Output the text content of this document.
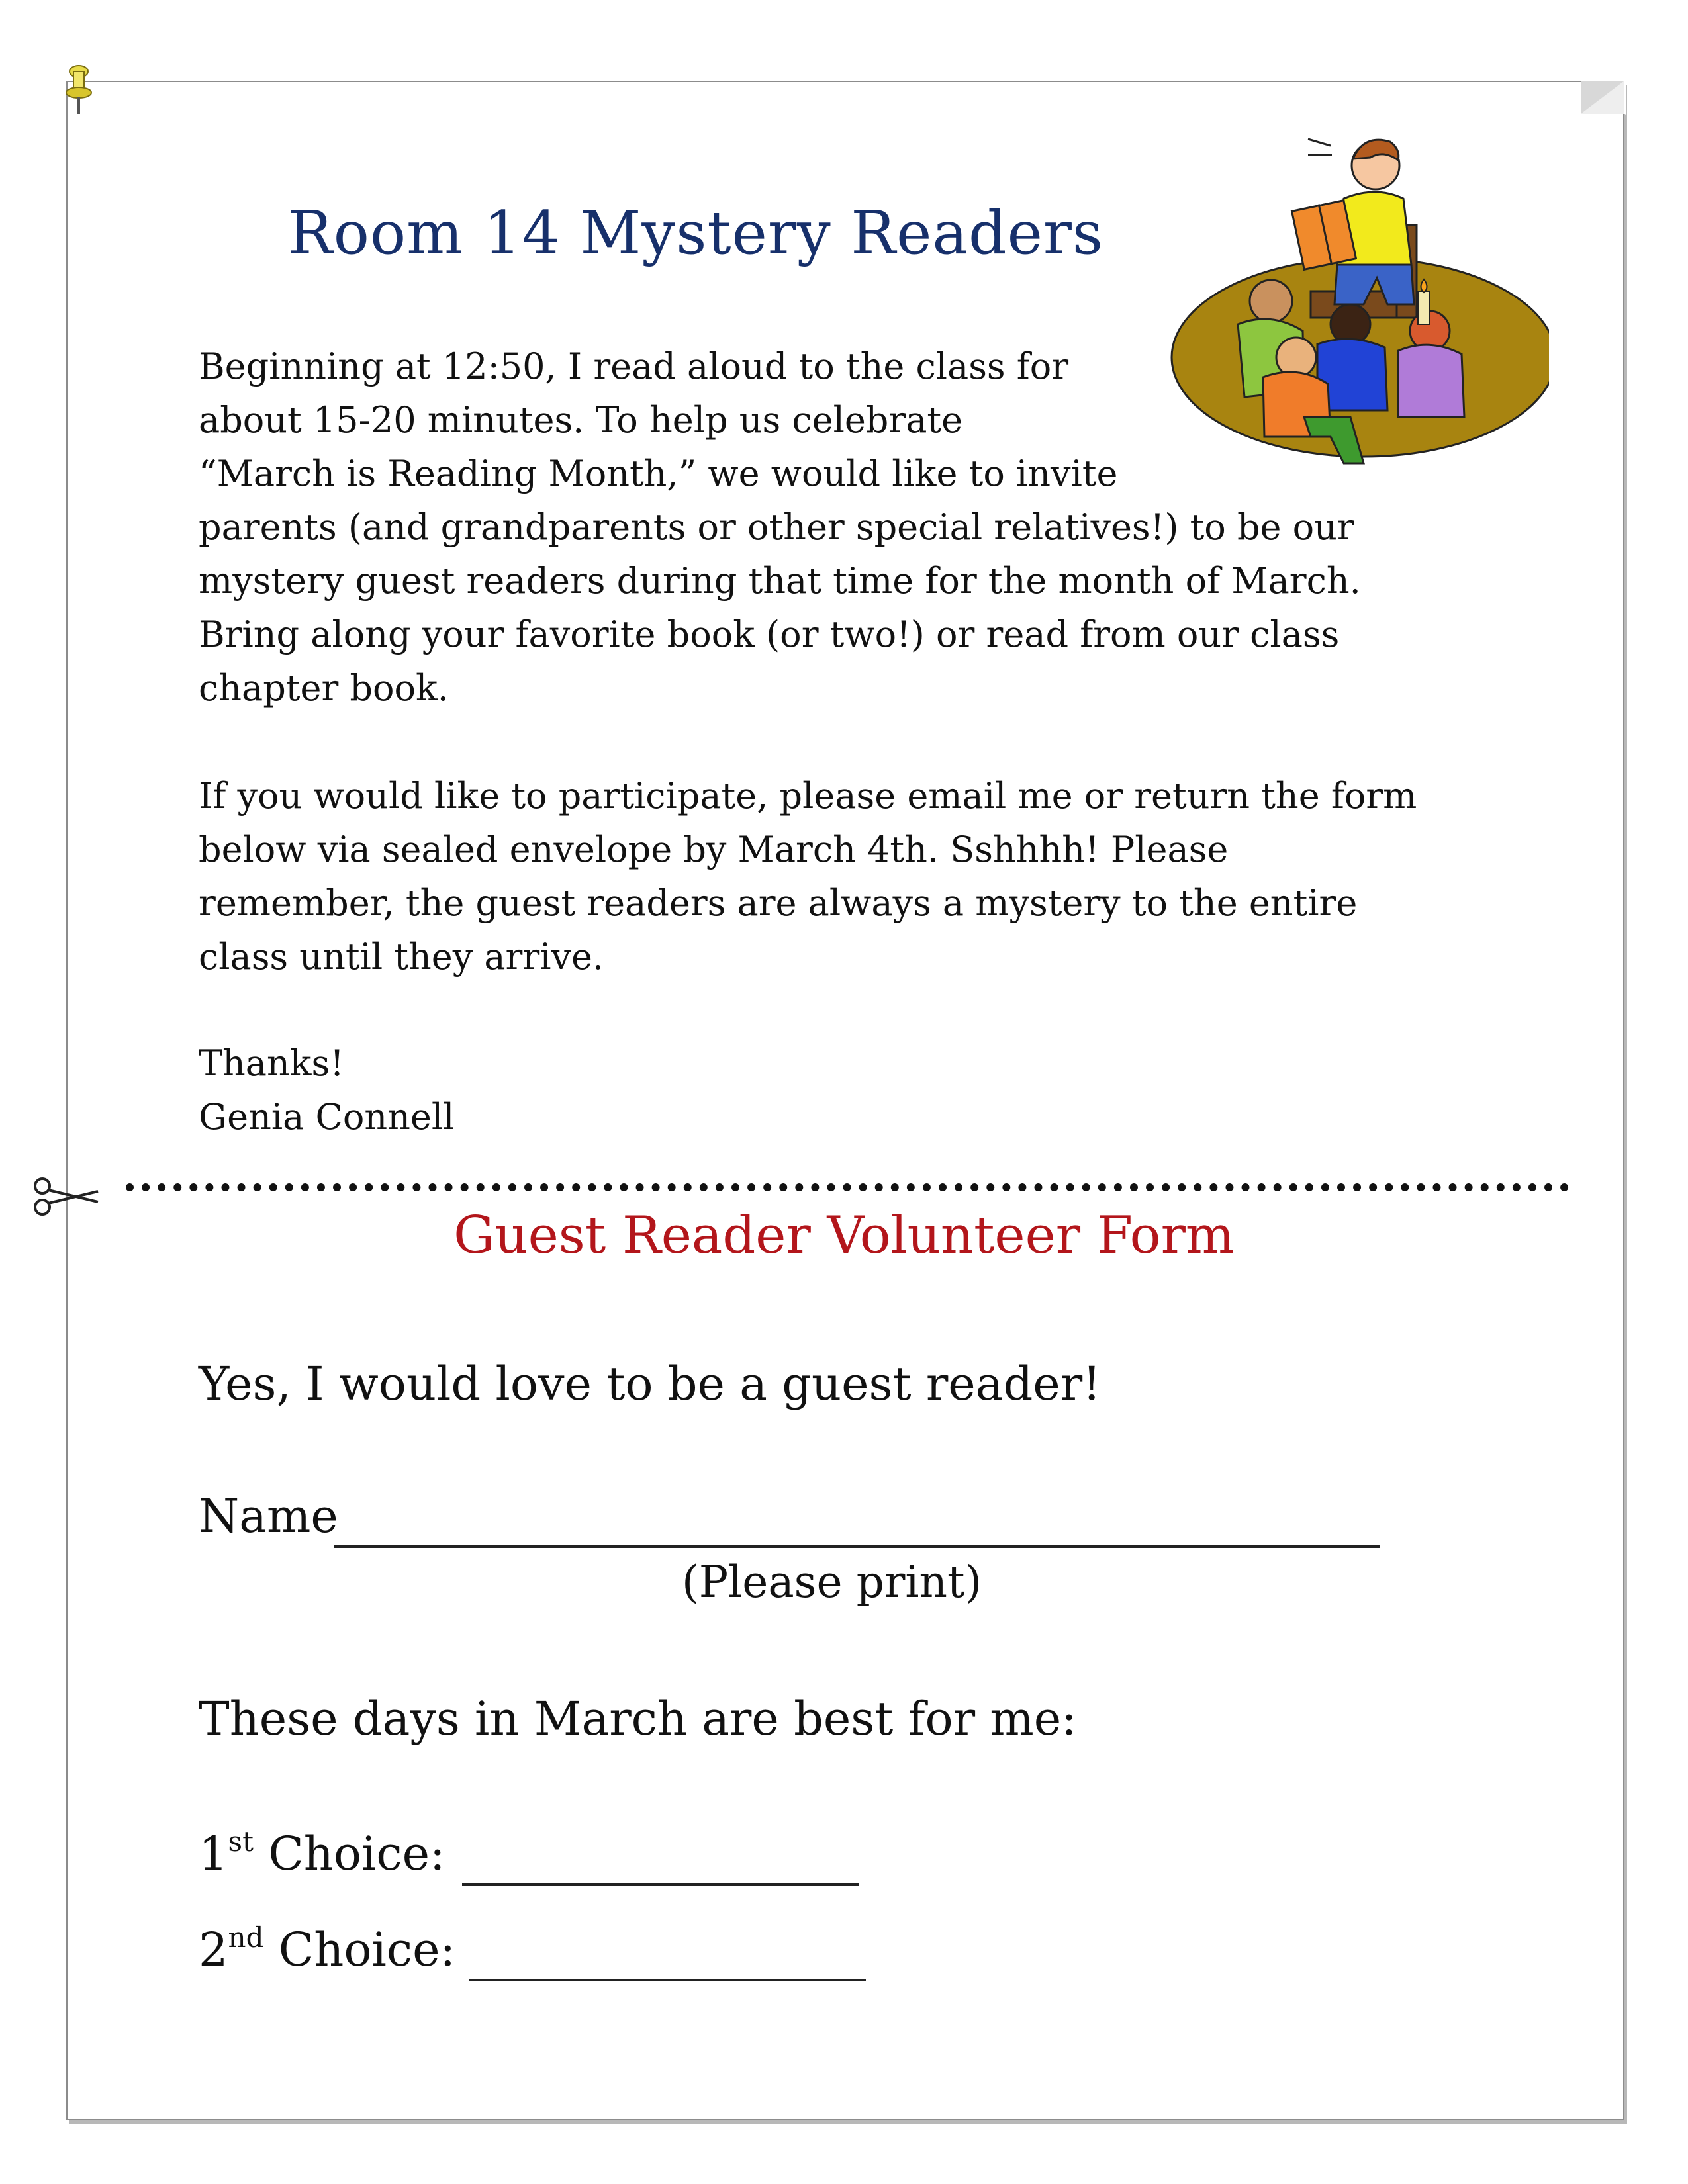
Room 14 Mystery Readers

Beginning at 12:50, I read aloud to the class for
about 15-20 minutes. To help us celebrate
“March is Reading Month,” we would like to invite
parents (and grandparents or other special relatives!) to be our
mystery guest readers during that time for the month of March.
Bring along your favorite book (or two!) or read from our class
chapter book.

If you would like to participate, please email me or return the form
below via sealed envelope by March 4th. Sshhhh! Please
remember, the guest readers are always a mystery to the entire
class until they arrive.

Thanks!
Genia Connell

Guest Reader Volunteer Form
Yes, I would love to be a guest reader!
Name
(Please print)
These days in March are best for me:
1st Choice:
2nd Choice:
